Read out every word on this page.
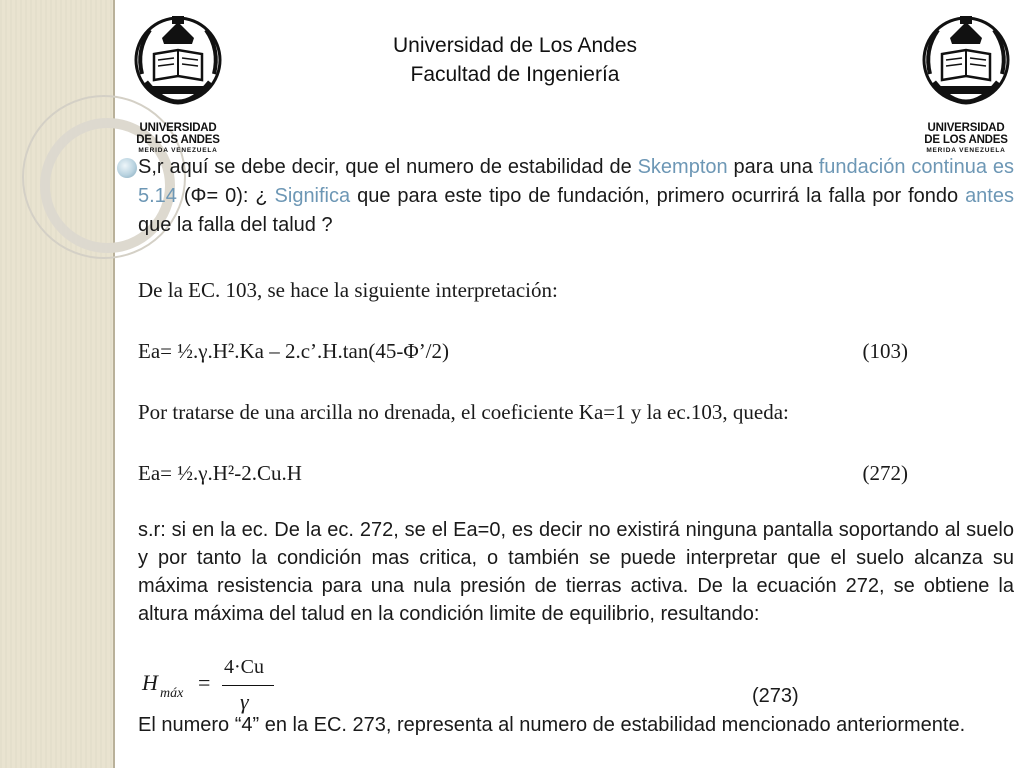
UNIVERSIDAD
DE LOS ANDES
MERIDA VENEZUELA
UNIVERSIDAD
DE LOS ANDES
MERIDA VENEZUELA
Universidad de Los Andes
Facultad de Ingeniería
S,r aquí se debe decir, que el numero de estabilidad de Skempton para una fundación continua es 5.14 (Φ= 0): ¿ Significa que para este tipo de fundación, primero ocurrirá la falla por fondo antes que la falla del talud ?
De la EC. 103, se hace la siguiente interpretación:
Ea= ½.γ.H².Ka – 2.c’.H.tan(45-Φ’/2)	(103)
Por tratarse de una arcilla no drenada, el coeficiente Ka=1 y la ec.103, queda:
Ea= ½.γ.H²-2.Cu.H	(272)
s.r: si en la ec. De la ec. 272, se el Ea=0, es decir no existirá ninguna pantalla soportando al suelo y por tanto la condición mas critica, o también se puede interpretar que el suelo alcanza su máxima resistencia para una nula presión de tierras activa. De la ecuación 272, se obtiene la altura máxima del talud en la condición limite de equilibrio, resultando:
H máx =
4·Cu
γ	(273)
El numero “4” en la EC. 273, representa al numero de estabilidad mencionado anteriormente.
